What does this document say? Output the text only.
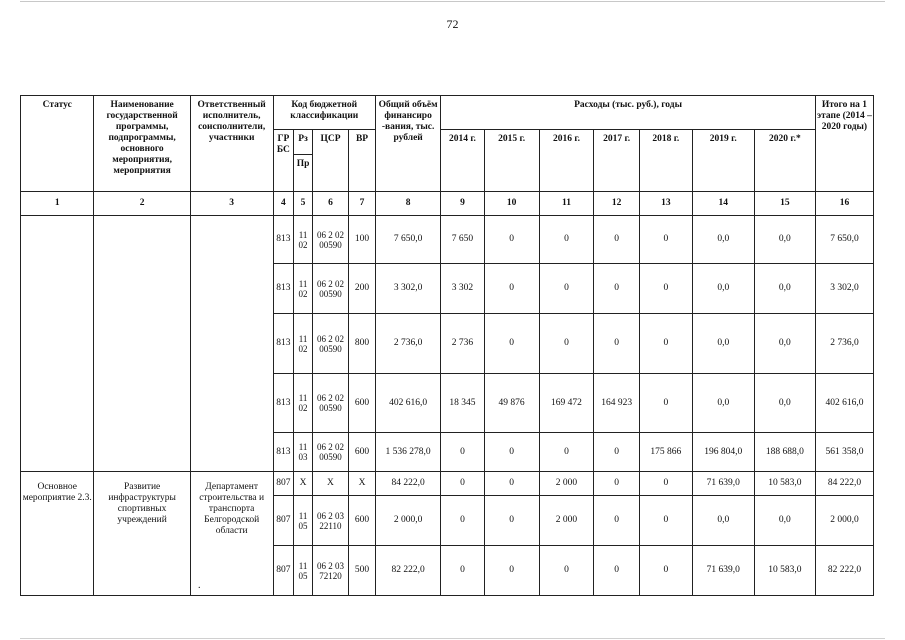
72
Статус	Наименование государственной программы, подпрограммы, основного мероприятия, мероприятия	Ответственный исполнитель, соисполнители, участники	Код бюджетной классификации				Общий объём финансиро -вания, тыс. рублей	Расходы (тыс. руб.), годы							Итого на 1 этапе (2014 – 2020 годы)
			ГР БС	Рз	ЦСР	ВР		2014 г.	2015 г.	2016 г.	2017 г.	2018 г.	2019 г.	2020 г.*	
				Пр											
1	2	3	4	5	6	7	8	9	10	11	12	13	14	15	16
			813	11 02	06 2 02 00590	100	7 650,0	7 650	0	0	0	0	0,0	0,0	7 650,0
			813	11 02	06 2 02 00590	200	3 302,0	3 302	0	0	0	0	0,0	0,0	3 302,0
			813	11 02	06 2 02 00590	800	2 736,0	2 736	0	0	0	0	0,0	0,0	2 736,0
			813	11 02	06 2 02 00590	600	402 616,0	18 345	49 876	169 472	164 923	0	0,0	0,0	402 616,0
			813	11 03	06 2 02 00590	600	1 536 278,0	0	0	0	0	175 866	196 804,0	188 688,0	561 358,0
Основное мероприятие 2.3.	Развитие инфраструктуры спортивных учреждений	Департамент строительства и транспорта Белгородской области	807	Х	Х	Х	84 222,0	0	0	2 000	0	0	71 639,0	10 583,0	84 222,0
			807	11 05	06 2 03 22110	600	2 000,0	0	0	2 000	0	0	0,0	0,0	2 000,0
			807	11 05	06 2 03 72120	500	82 222,0	0	0	0	0	0	71 639,0	10 583,0	82 222,0
.
